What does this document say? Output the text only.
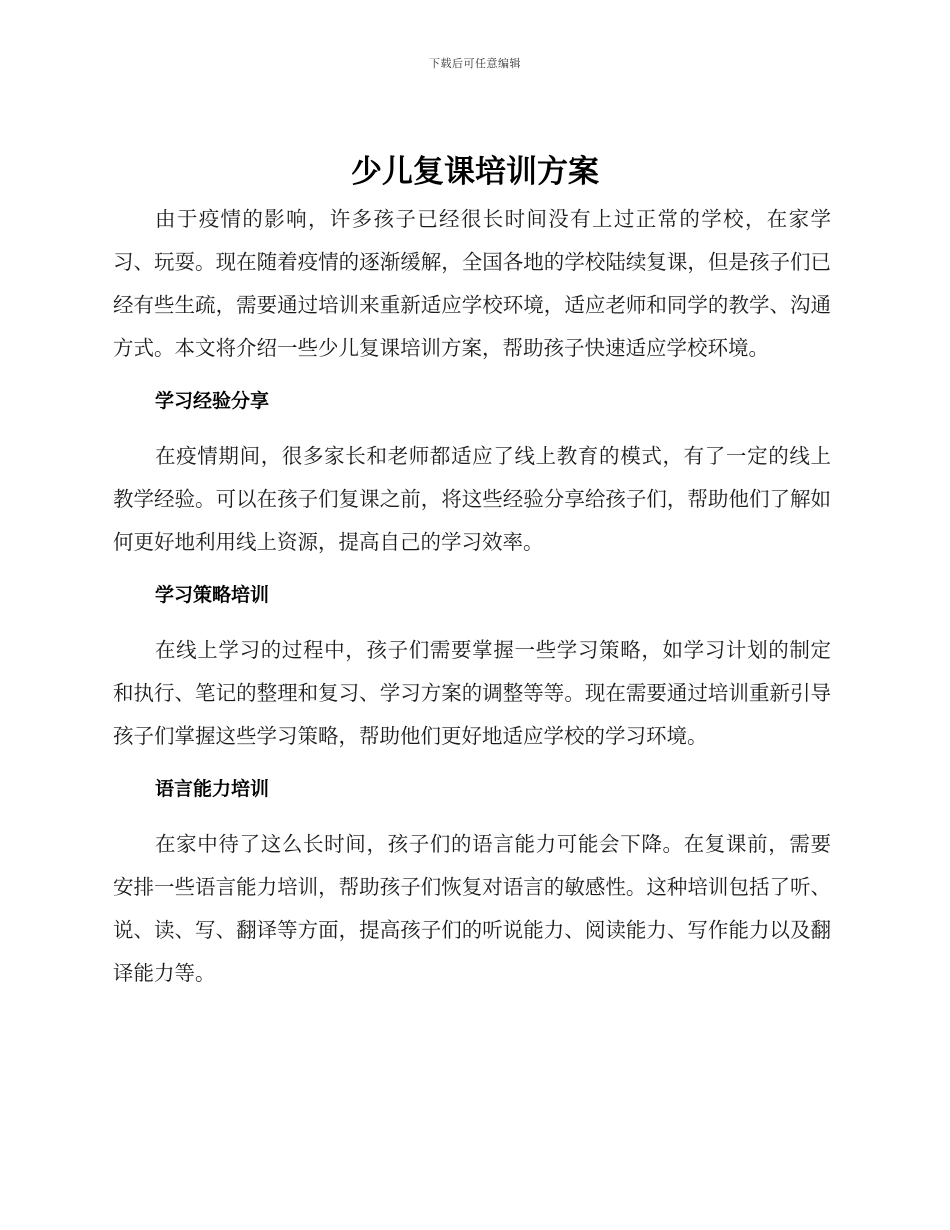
下载后可任意编辑
少儿复课培训方案

由于疫情的影响，许多孩子已经很长时间没有上过正常的学校，在家学习、玩耍。现在随着疫情的逐渐缓解，全国各地的学校陆续复课，但是孩子们已经有些生疏，需要通过培训来重新适应学校环境，适应老师和同学的教学、沟通方式。本文将介绍一些少儿复课培训方案，帮助孩子快速适应学校环境。

学习经验分享

在疫情期间，很多家长和老师都适应了线上教育的模式，有了一定的线上教学经验。可以在孩子们复课之前，将这些经验分享给孩子们，帮助他们了解如何更好地利用线上资源，提高自己的学习效率。

学习策略培训

在线上学习的过程中，孩子们需要掌握一些学习策略，如学习计划的制定和执行、笔记的整理和复习、学习方案的调整等等。现在需要通过培训重新引导孩子们掌握这些学习策略，帮助他们更好地适应学校的学习环境。

语言能力培训

在家中待了这么长时间，孩子们的语言能力可能会下降。在复课前，需要安排一些语言能力培训，帮助孩子们恢复对语言的敏感性。这种培训包括了听、说、读、写、翻译等方面，提高孩子们的听说能力、阅读能力、写作能力以及翻译能力等。
